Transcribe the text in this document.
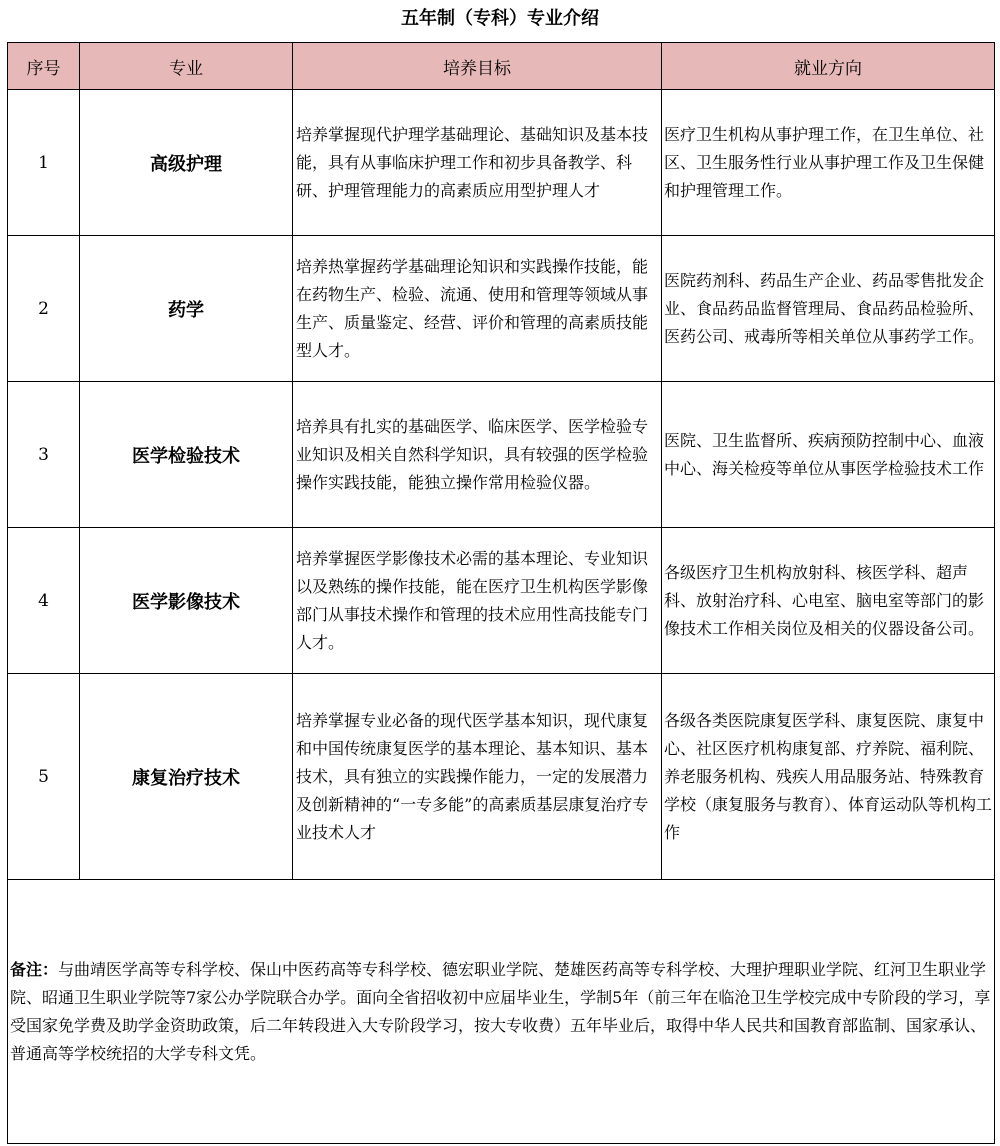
五年制（专科）专业介绍
序号	专业	培养目标	就业方向
1	高级护理	培养掌握现代护理学基础理论、基础知识及基本技能，具有从事临床护理工作和初步具备教学、科研、护理管理能力的高素质应用型护理人才	医疗卫生机构从事护理工作，在卫生单位、社区、卫生服务性行业从事护理工作及卫生保健和护理管理工作。
2	药学	培养热掌握药学基础理论知识和实践操作技能，能在药物生产、检验、流通、使用和管理等领域从事生产、质量鉴定、经营、评价和管理的高素质技能型人才。	医院药剂科、药品生产企业、药品零售批发企业、食品药品监督管理局、食品药品检验所、医药公司、戒毒所等相关单位从事药学工作。
3	医学检验技术	培养具有扎实的基础医学、临床医学、医学检验专业知识及相关自然科学知识，具有较强的医学检验操作实践技能，能独立操作常用检验仪器。	医院、卫生监督所、疾病预防控制中心、血液中心、海关检疫等单位从事医学检验技术工作
4	医学影像技术	培养掌握医学影像技术必需的基本理论、专业知识以及熟练的操作技能，能在医疗卫生机构医学影像部门从事技术操作和管理的技术应用性高技能专门人才。	各级医疗卫生机构放射科、核医学科、超声科、放射治疗科、心电室、脑电室等部门的影像技术工作相关岗位及相关的仪器设备公司。
5	康复治疗技术	培养掌握专业必备的现代医学基本知识，现代康复和中国传统康复医学的基本理论、基本知识、基本技术，具有独立的实践操作能力，一定的发展潜力及创新精神的“一专多能”的高素质基层康复治疗专业技术人才	各级各类医院康复医学科、康复医院、康复中心、社区医疗机构康复部、疗养院、福利院、养老服务机构、残疾人用品服务站、特殊教育学校（康复服务与教育）、体育运动队等机构工作
备注：与曲靖医学高等专科学校、保山中医药高等专科学校、德宏职业学院、楚雄医药高等专科学校、大理护理职业学院、红河卫生职业学院、昭通卫生职业学院等7家公办学院联合办学。面向全省招收初中应届毕业生，学制5年（前三年在临沧卫生学校完成中专阶段的学习，享受国家免学费及助学金资助政策，后二年转段进入大专阶段学习，按大专收费）五年毕业后，取得中华人民共和国教育部监制、国家承认、普通高等学校统招的大学专科文凭。			
